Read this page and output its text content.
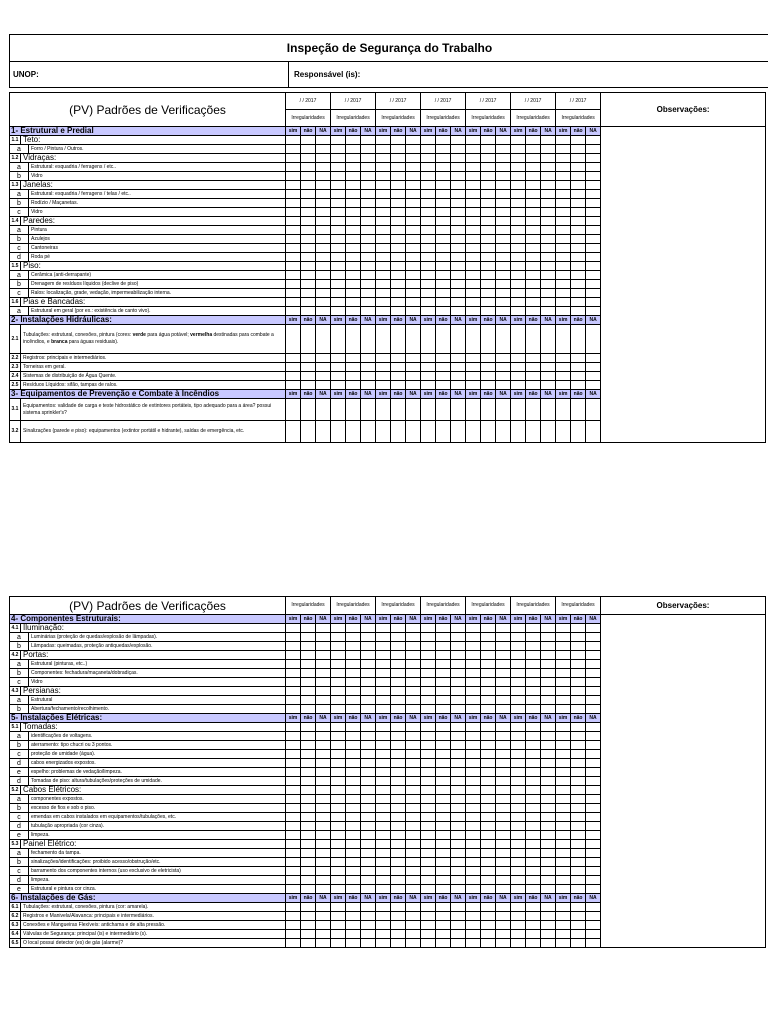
Inspeção de Segurança do Trabalho
UNOP:	Responsável (is):
(PV) Padrões de Verificações			/ / 2017			/ / 2017			/ / 2017			/ / 2017			/ / 2017			/ / 2017			/ / 2017			Observações:
			Irregularidades			Irregularidades			Irregularidades			Irregularidades			Irregularidades			Irregularidades			Irregularidades			
1- Estrutural e Predial			sim	não	NA	sim	não	NA	sim	não	NA	sim	não	NA	sim	não	NA	sim	não	NA	sim	não	NA	
1.1	Teto:																							
a		Forro / Pintura / Outros.																						
1.2	Vidraças:																							
a		Estrutural: esquadria / ferragens / etc..																						
b		Vidro																						
1.3	Janelas:																							
a		Estrutural: esquadria / ferragens / telas / etc..																						
b		Rodízio / Maçanetas.																						
c		Vidro																						
1.4	Paredes:																							
a		Pintura																						
b		Azulejos																						
c		Cantoneiras																						
d		Roda pé																						
1.5	Piso:																							
a		Cerâmica (anti-derrapante)																						
b		Drenagem de resíduos líquidos (declive de piso)																						
c		Ralos: localização, grade, vedação, impermeabilização interna.																						
1.6	Pias e Bancadas:																							
a		Estrutural em geral (por ex.: existência de canto vivo).																						
2- Instalações Hidráulicas:			sim	não	NA	sim	não	NA	sim	não	NA	sim	não	NA	sim	não	NA	sim	não	NA	sim	não	NA	
2.1	Tubulações: estrutural, conexões, pintura (cores: verde para água potável; vermelha destinadas para combate a incêndios, e branca para águas residuais).																							
2.2	Registros: principais e intermediários.																							
2.3	Torneiras em geral.																							
2.4	Sistemas de distribuição de Água Quente.																							
2.5	Resíduos Líquidos: sifão, tampas de ralos.																							
3- Equipamentos de Prevenção e Combate à Incêndios			sim	não	NA	sim	não	NA	sim	não	NA	sim	não	NA	sim	não	NA	sim	não	NA	sim	não	NA	
3.1	Equipamentos: validade de carga e teste hidrostático de extintores portáteis, tipo adequado para a área? possui sistema sprinkler's?																							
3.2	Sinalizações (parede e piso): equipamentos (extintor portátil e hidrante), saídas de emergência, etc.																							
(PV) Padrões de Verificações			Irregularidades			Irregularidades			Irregularidades			Irregularidades			Irregularidades			Irregularidades			Irregularidades			Observações:
4- Componentes Estruturais:			sim	não	NA	sim	não	NA	sim	não	NA	sim	não	NA	sim	não	NA	sim	não	NA	sim	não	NA	
4.1	Iluminação:																							
a		Luminárias (proteção de quedas/explosão de lâmpadas).																						
b		Lâmpadas: queimadas, proteção antiquedas/explosão.																						
4.2	Portas:																							
a		Estrutural (pinturas, etc..)																						
b		Componentes: fechadura/maçaneta/dobradiças.																						
c		Vidro																						
4.3	Persianas:																							
a		Estrutural																						
b		Abertura/fechamento/recolhimento.																						
5- Instalações Elétricas:			sim	não	NA	sim	não	NA	sim	não	NA	sim	não	NA	sim	não	NA	sim	não	NA	sim	não	NA	
5.1	Tomadas:																							
a		identificações de voltagens.																						
b		aterramento: tipo chucri ou 3 pontos.																						
c		proteção de umidade (água).																						
d		cabos energizados expostos.																						
e		espelho: problemas de vedação/limpeza.																						
d		Tomadas de piso: altura/tubulações/proteções de umidade.																						
5.2	Cabos Elétricos:																							
a		componentes expostos.																						
b		excesso de fios e sob o piso.																						
c		emendas em cabos instalados em equipamentos/tubulações, etc.																						
d		tubulação apropriada (cor cinza).																						
e		limpeza.																						
5.3	Painel Elétrico:																							
a		fechamento da tampa.																						
b		sinalizações/identificações: proibido acesso/obstrução/etc.																						
c		barramento dos componentes internos (uso exclusivo de eletricista)																						
d		limpeza.																						
e		Estrutural e pintura cor cinza.																						
6- Instalações de Gás:			sim	não	NA	sim	não	NA	sim	não	NA	sim	não	NA	sim	não	NA	sim	não	NA	sim	não	NA	
6.1	Tubulações: estrutural, conexões, pintura (cor: amarela).																							
6.2	Registros e Manivela/Alavanca: principais e intermediários.																							
6.3	Conexões e Mangueiras Flexíveis: antichama e de alta pressão.																							
6.4	Válvulas de Segurança: principal (is) e intermediário (s).																							
6.5	O local possui detector (es) de gás (alarme)?																							
